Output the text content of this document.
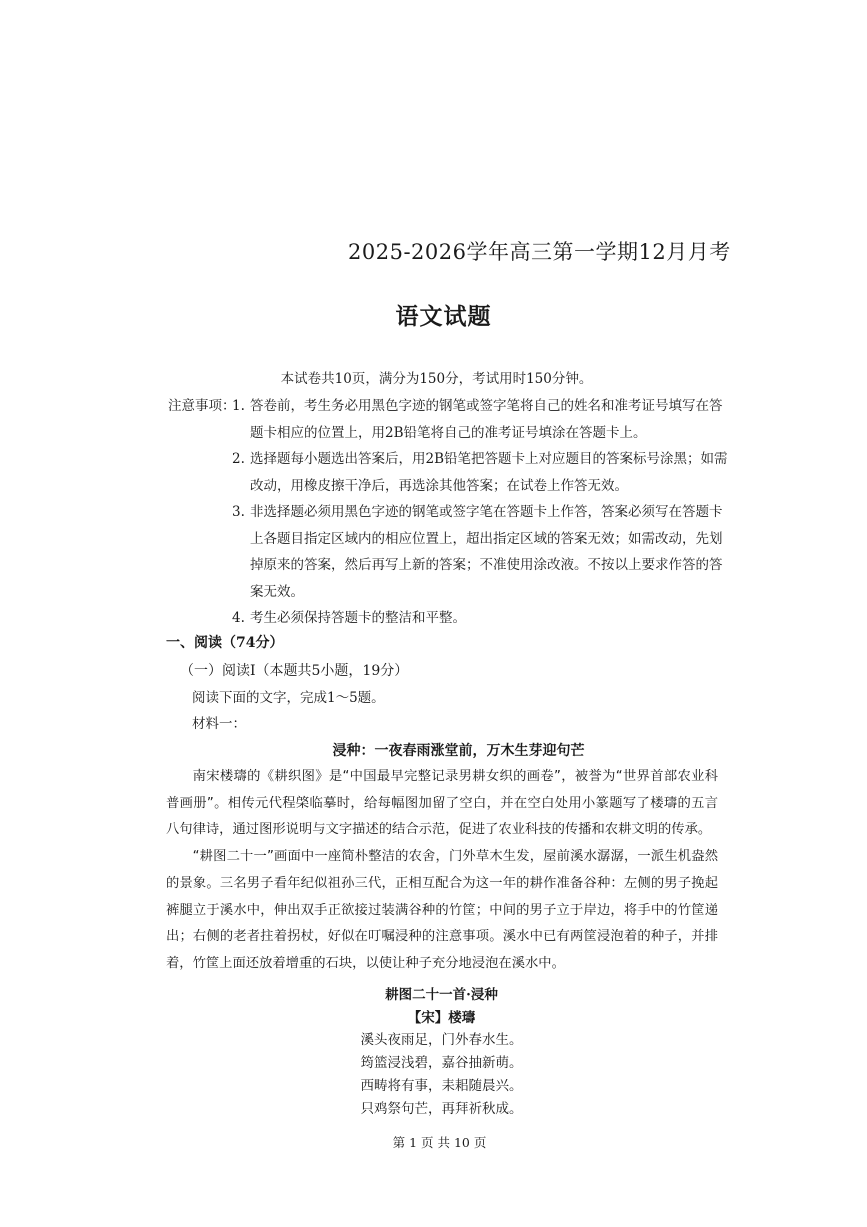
2025-2026学年高三第一学期12月月考
语文试题
本试卷共10页，满分为150分，考试用时150分钟。
注意事项：
1. 答卷前，考生务必用黑色字迹的钢笔或签字笔将自己的姓名和准考证号填写在答题卡相应的位置上，用2B铅笔将自己的准考证号填涂在答题卡上。
2. 选择题每小题选出答案后，用2B铅笔把答题卡上对应题目的答案标号涂黑；如需改动，用橡皮擦干净后，再选涂其他答案；在试卷上作答无效。
3. 非选择题必须用黑色字迹的钢笔或签字笔在答题卡上作答，答案必须写在答题卡上各题目指定区域内的相应位置上，超出指定区域的答案无效；如需改动，先划掉原来的答案，然后再写上新的答案；不准使用涂改液。不按以上要求作答的答案无效。
4. 考生必须保持答题卡的整洁和平整。
一、阅读（74分）
（一）阅读I（本题共5小题，19分）
阅读下面的文字，完成1～5题。
材料一：
浸种：一夜春雨涨堂前，万木生芽迎句芒

南宋楼璹的《耕织图》是“中国最早完整记录男耕女织的画卷”，被誉为“世界首部农业科普画册”。相传元代程棨临摹时，给每幅图加留了空白，并在空白处用小篆题写了楼璹的五言八句律诗，通过图形说明与文字描述的结合示范，促进了农业科技的传播和农耕文明的传承。

“耕图二十一”画面中一座简朴整洁的农舍，门外草木生发，屋前溪水潺潺，一派生机盎然的景象。三名男子看年纪似祖孙三代，正相互配合为这一年的耕作准备谷种：左侧的男子挽起裤腿立于溪水中，伸出双手正欲接过装满谷种的竹筐；中间的男子立于岸边，将手中的竹筐递出；右侧的老者拄着拐杖，好似在叮嘱浸种的注意事项。溪水中已有两筐浸泡着的种子，并排着，竹筐上面还放着增重的石块，以使让种子充分地浸泡在溪水中。

耕图二十一首·浸种
【宋】楼璹
溪头夜雨足，门外春水生。
筠篮浸浅碧，嘉谷抽新萌。
西畴将有事，耒耜随晨兴。
只鸡祭句芒，再拜祈秋成。
第 1 页 共 10 页
